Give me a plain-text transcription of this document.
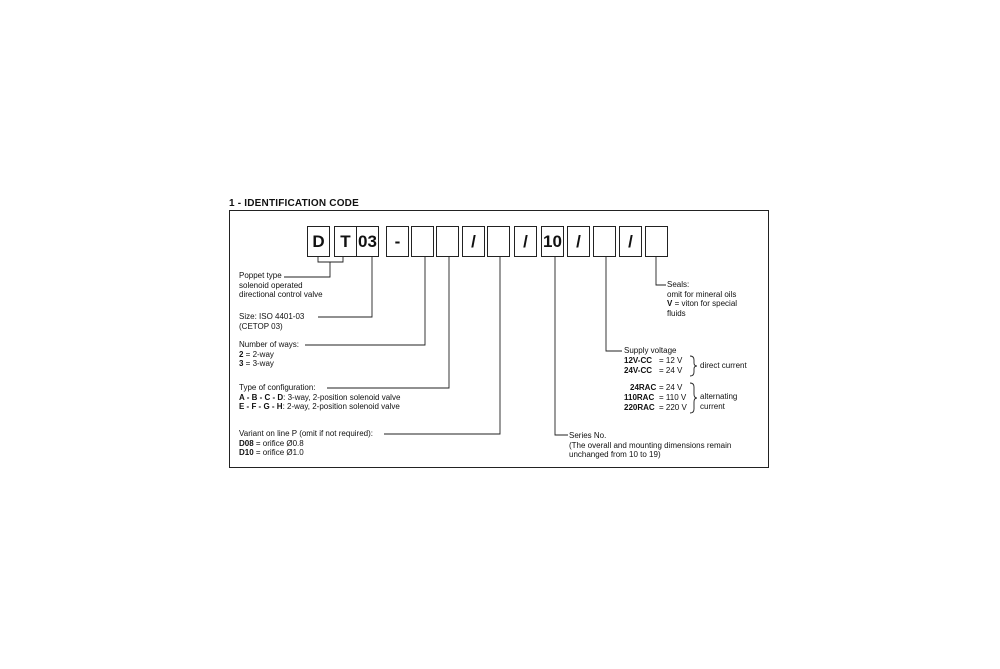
1 - IDENTIFICATION CODE
D T 03	-	/	/ 10 /	/
Poppet type
solenoid operated
directional control valve
Size: ISO 4401-03
(CETOP 03)
Number of ways:
2 = 2-way
3 = 3-way
Type of configuration:
A - B - C - D: 3-way, 2-position solenoid valve
E - F - G - H: 2-way, 2-position solenoid valve
Variant on line P (omit if not required):
D08 = orifice Ø0.8
D10 = orifice Ø1.0
Series No.
(The overall and mounting dimensions remain
unchanged from 10 to 19)
Seals:
omit for mineral oils
V = viton for special
fluids
Supply voltage
12V-CC = 12 V
24V-CC = 24 V
direct current
24RAC = 24 V
110RAC = 110 V
220RAC = 220 V
alternating
current
